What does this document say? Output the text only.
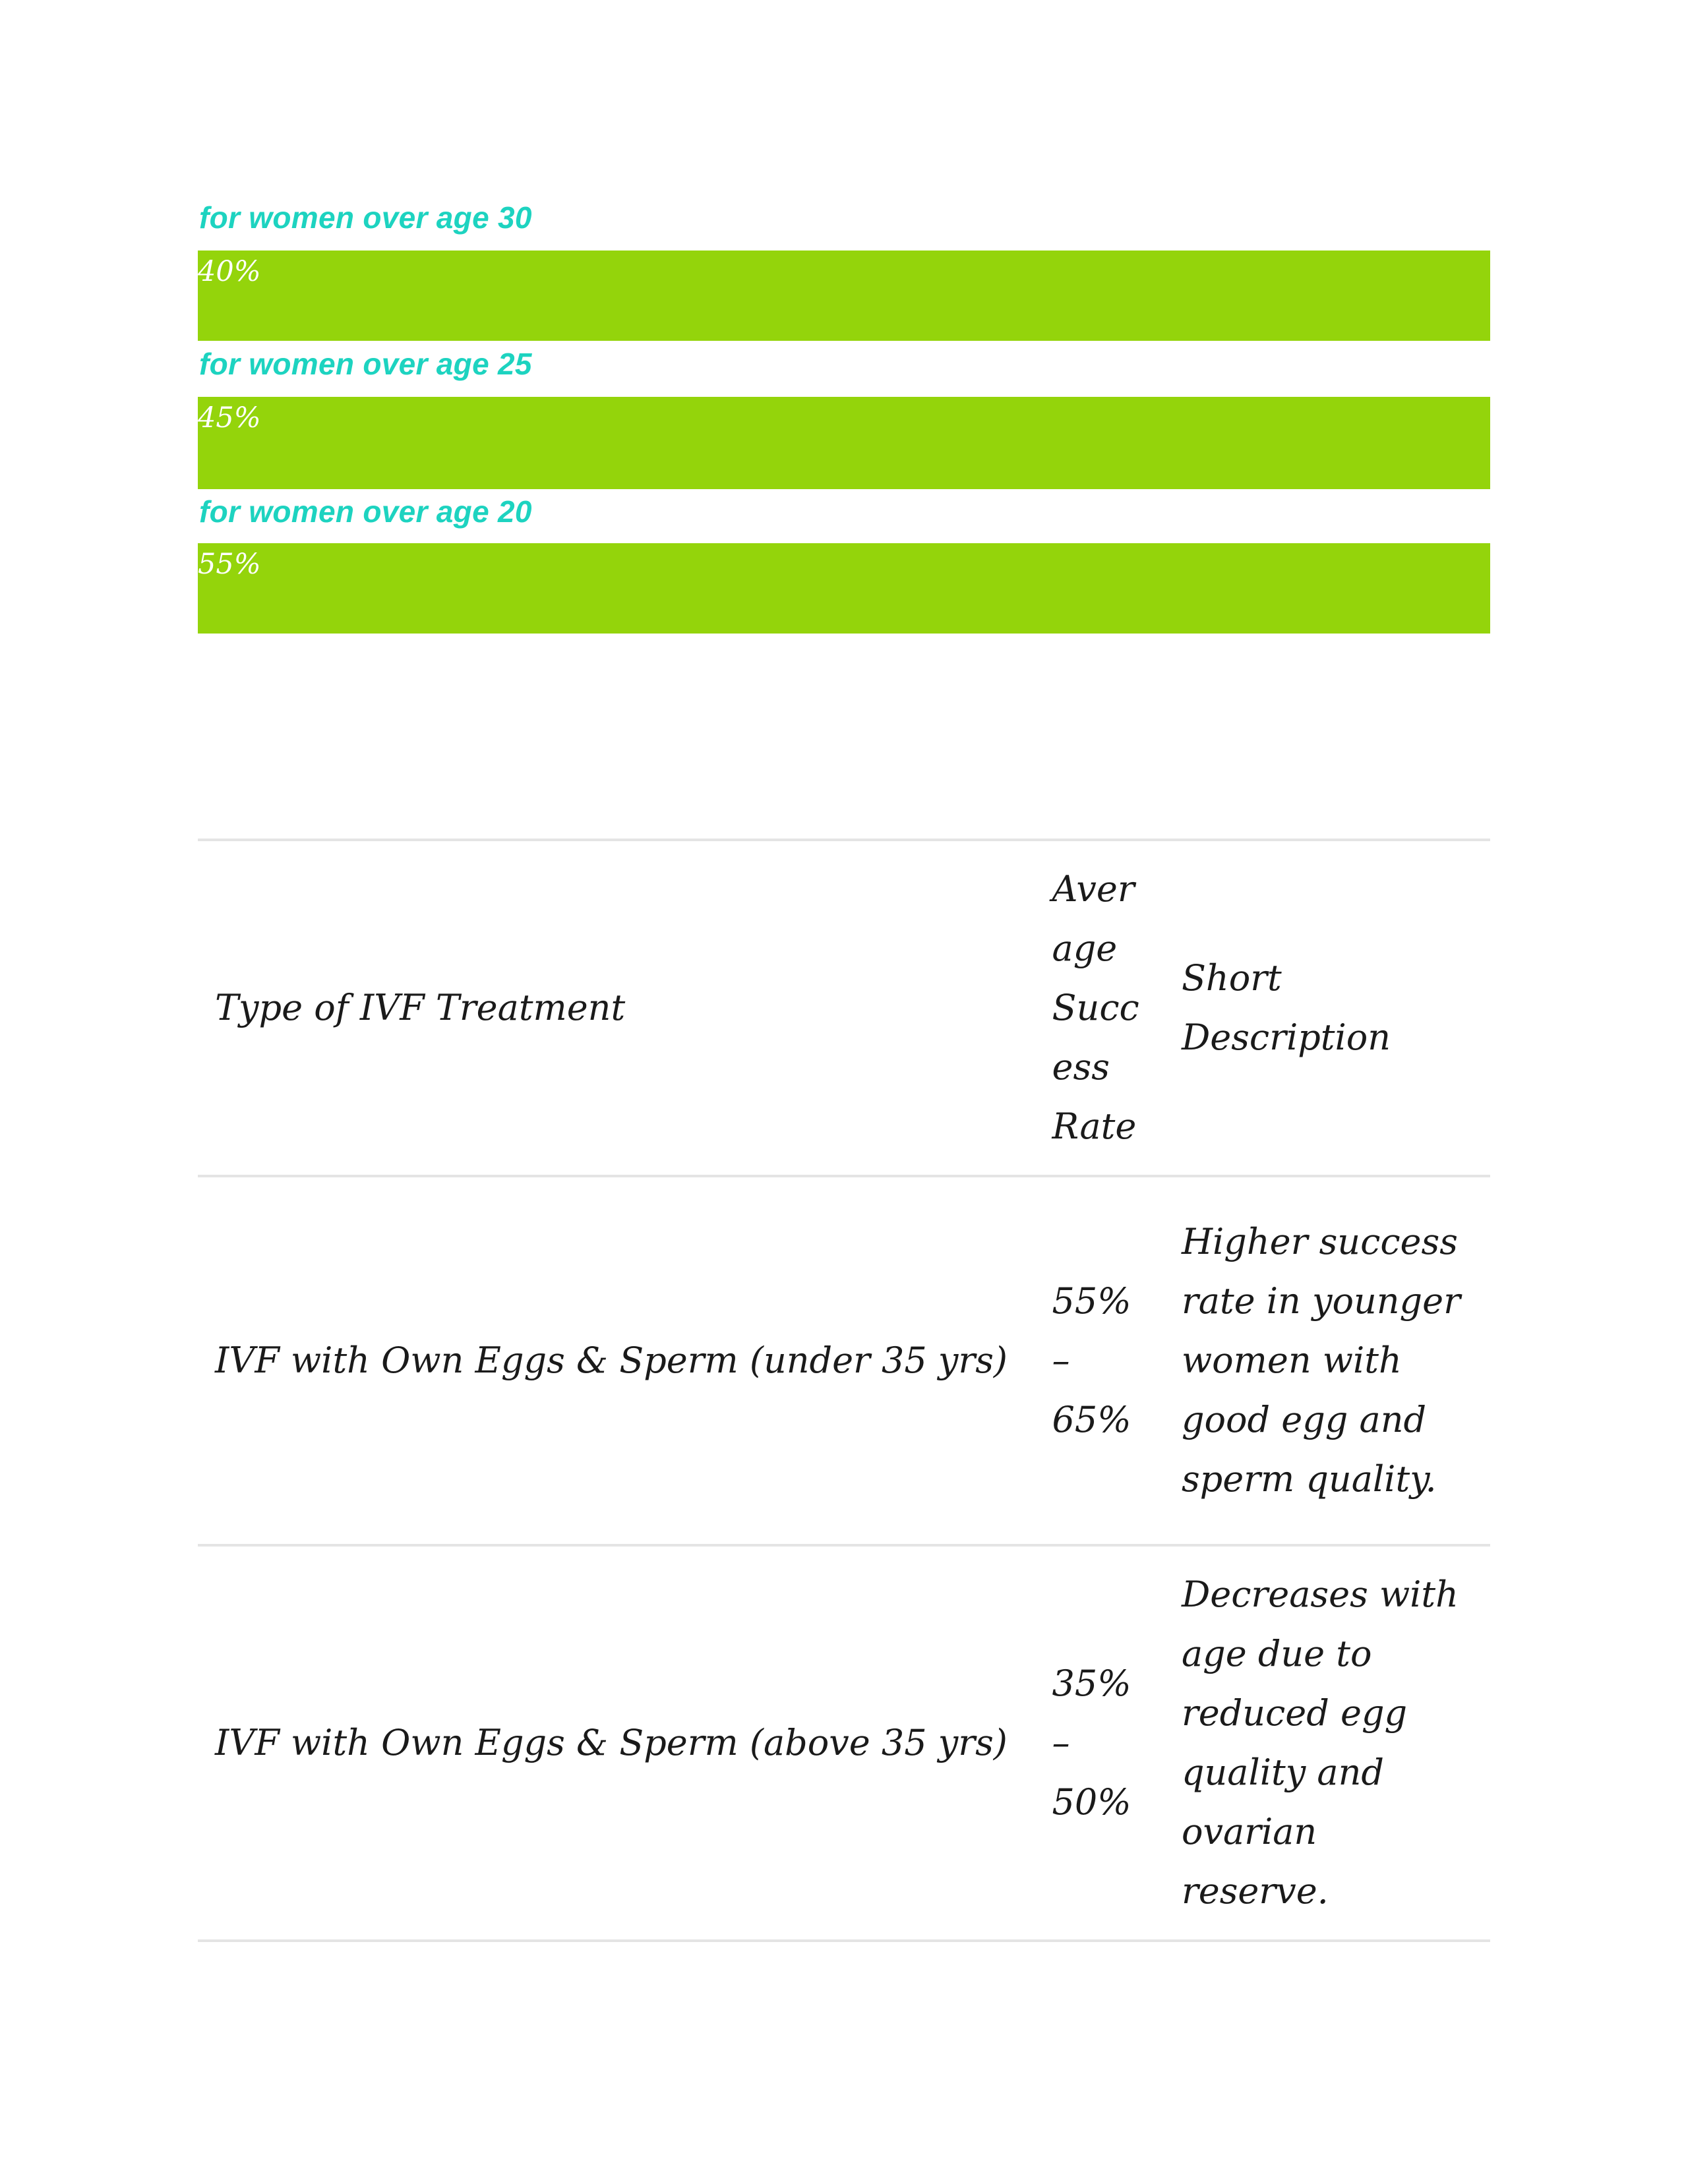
for women over age 30
40%
for women over age 25
45%
for women over age 20
55%
Type of IVF Treatment	Average Success Rate	Short Description
IVF with Own Eggs & Sperm (under 35 yrs)	55% – 65%	Higher success rate in younger women with good egg and sperm quality.
IVF with Own Eggs & Sperm (above 35 yrs)	35% – 50%	Decreases with age due to reduced egg quality and ovarian reserve.
